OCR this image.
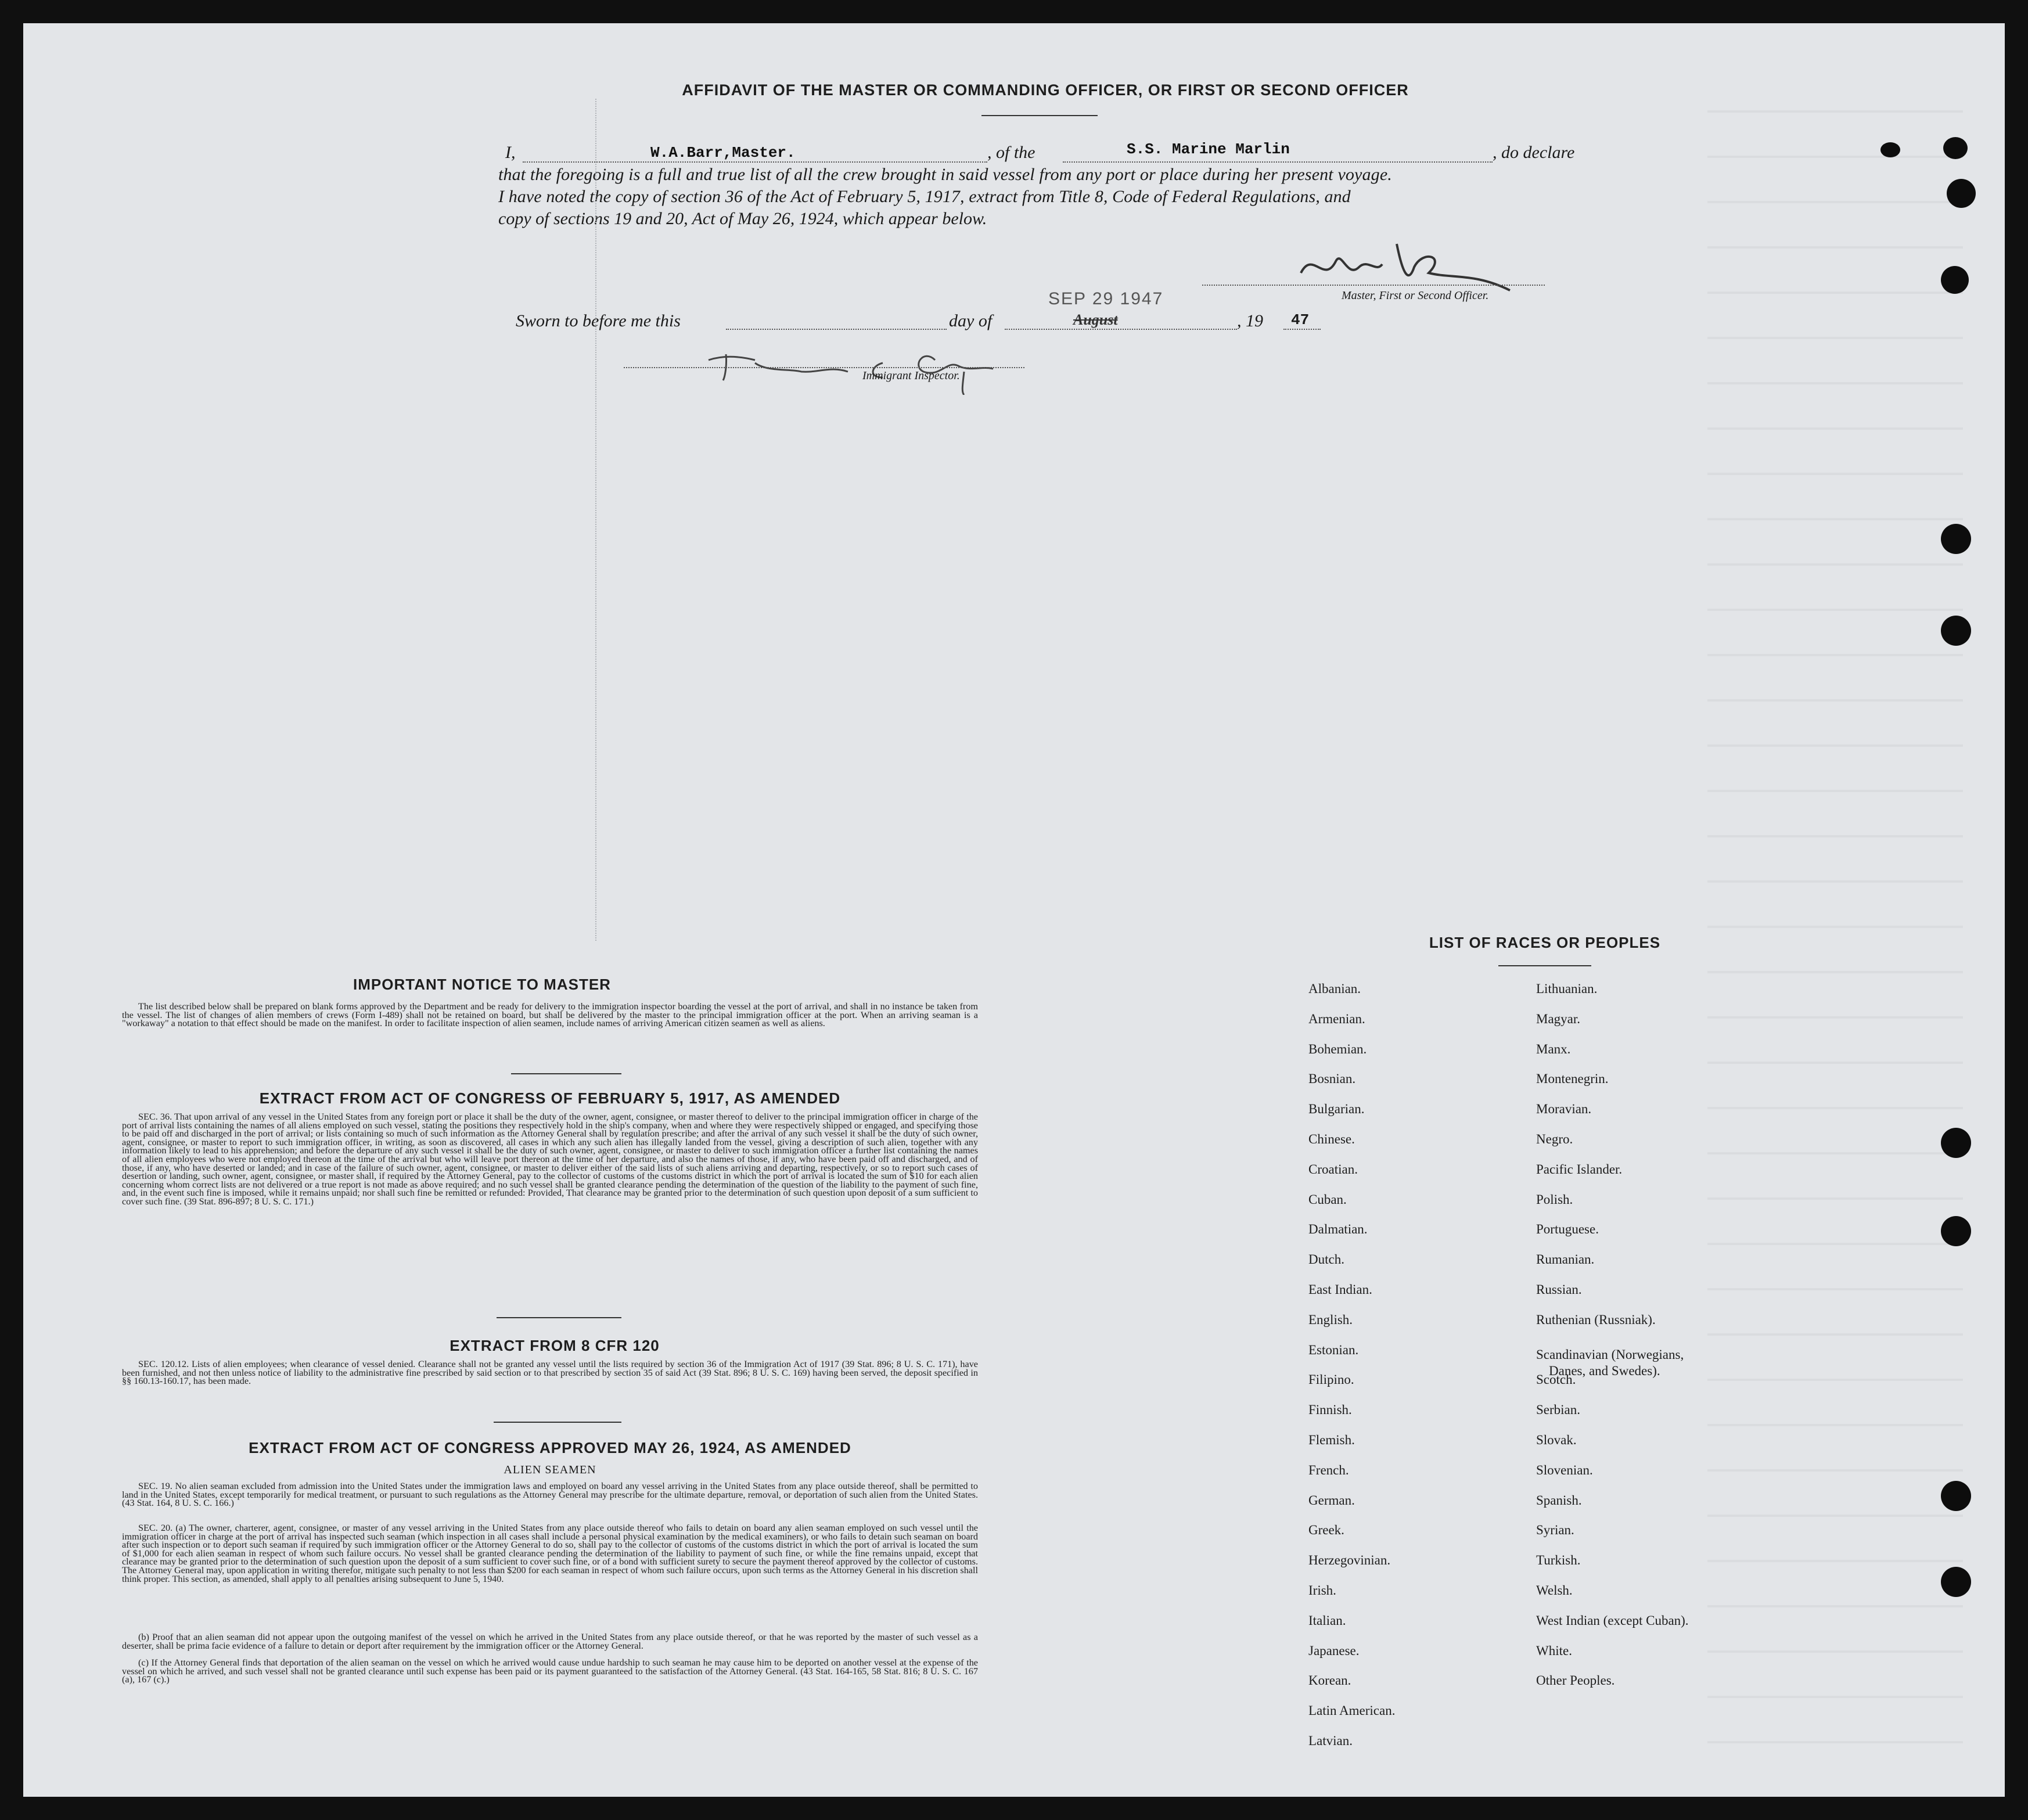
AFFIDAVIT OF THE MASTER OR COMMANDING OFFICER, OR FIRST OR SECOND OFFICER
I,	W.A.Barr,Master.	, of the	S.S. Marine Marlin	, do declare
that the foregoing is a full and true list of all the crew brought in said vessel from any port or place during her present voyage.
I have noted the copy of section 36 of the Act of February 5, 1917, extract from Title 8, Code of Federal Regulations, and
copy of sections 19 and 20, Act of May 26, 1924, which appear below.
Master, First or Second Officer.
Sworn to before me this	day of
SEP 29 1947
August	, 19 47
Immigrant Inspector.
IMPORTANT NOTICE TO MASTER

The list described below shall be prepared on blank forms approved by the Department and be ready for delivery to the immigration inspector boarding the vessel at the port of arrival, and shall in no instance be taken from the vessel. The list of changes of alien members of crews (Form I-489) shall not be retained on board, but shall be delivered by the master to the principal immigration officer at the port. When an arriving seaman is a "workaway" a notation to that effect should be made on the manifest. In order to facilitate inspection of alien seamen, include names of arriving American citizen seamen as well as aliens.

EXTRACT FROM ACT OF CONGRESS OF FEBRUARY 5, 1917, AS AMENDED

SEC. 36. That upon arrival of any vessel in the United States from any foreign port or place it shall be the duty of the owner, agent, consignee, or master thereof to deliver to the principal immigration officer in charge of the port of arrival lists containing the names of all aliens employed on such vessel, stating the positions they respectively hold in the ship's company, when and where they were respectively shipped or engaged, and specifying those to be paid off and discharged in the port of arrival; or lists containing so much of such information as the Attorney General shall by regulation prescribe; and after the arrival of any such vessel it shall be the duty of such owner, agent, consignee, or master to report to such immigration officer, in writing, as soon as discovered, all cases in which any such alien has illegally landed from the vessel, giving a description of such alien, together with any information likely to lead to his apprehension; and before the departure of any such vessel it shall be the duty of such owner, agent, consignee, or master to deliver to such immigration officer a further list containing the names of all alien employees who were not employed thereon at the time of the arrival but who will leave port thereon at the time of her departure, and also the names of those, if any, who have been paid off and discharged, and of those, if any, who have deserted or landed; and in case of the failure of such owner, agent, consignee, or master to deliver either of the said lists of such aliens arriving and departing, respectively, or so to report such cases of desertion or landing, such owner, agent, consignee, or master shall, if required by the Attorney General, pay to the collector of customs of the customs district in which the port of arrival is located the sum of $10 for each alien concerning whom correct lists are not delivered or a true report is not made as above required; and no such vessel shall be granted clearance pending the determination of the question of the liability to the payment of such fine, and, in the event such fine is imposed, while it remains unpaid; nor shall such fine be remitted or refunded: Provided, That clearance may be granted prior to the determination of such question upon deposit of a sum sufficient to cover such fine. (39 Stat. 896-897; 8 U. S. C. 171.)

EXTRACT FROM 8 CFR 120

SEC. 120.12. Lists of alien employees; when clearance of vessel denied. Clearance shall not be granted any vessel until the lists required by section 36 of the Immigration Act of 1917 (39 Stat. 896; 8 U. S. C. 171), have been furnished, and not then unless notice of liability to the administrative fine prescribed by said section or to that prescribed by section 35 of said Act (39 Stat. 896; 8 U. S. C. 169) having been served, the deposit specified in §§ 160.13-160.17, has been made.

EXTRACT FROM ACT OF CONGRESS APPROVED MAY 26, 1924, AS AMENDED
ALIEN SEAMEN

SEC. 19. No alien seaman excluded from admission into the United States under the immigration laws and employed on board any vessel arriving in the United States from any place outside thereof, shall be permitted to land in the United States, except temporarily for medical treatment, or pursuant to such regulations as the Attorney General may prescribe for the ultimate departure, removal, or deportation of such alien from the United States. (43 Stat. 164, 8 U. S. C. 166.)

SEC. 20. (a) The owner, charterer, agent, consignee, or master of any vessel arriving in the United States from any place outside thereof who fails to detain on board any alien seaman employed on such vessel until the immigration officer in charge at the port of arrival has inspected such seaman (which inspection in all cases shall include a personal physical examination by the medical examiners), or who fails to detain such seaman on board after such inspection or to deport such seaman if required by such immigration officer or the Attorney General to do so, shall pay to the collector of customs of the customs district in which the port of arrival is located the sum of $1,000 for each alien seaman in respect of whom such failure occurs. No vessel shall be granted clearance pending the determination of the liability to payment of such fine, or while the fine remains unpaid, except that clearance may be granted prior to the determination of such question upon the deposit of a sum sufficient to cover such fine, or of a bond with sufficient surety to secure the payment thereof approved by the collector of customs. The Attorney General may, upon application in writing therefor, mitigate such penalty to not less than $200 for each seaman in respect of whom such failure occurs, upon such terms as the Attorney General in his discretion shall think proper. This section, as amended, shall apply to all penalties arising subsequent to June 5, 1940.

(b) Proof that an alien seaman did not appear upon the outgoing manifest of the vessel on which he arrived in the United States from any place outside thereof, or that he was reported by the master of such vessel as a deserter, shall be prima facie evidence of a failure to detain or deport after requirement by the immigration officer or the Attorney General.

(c) If the Attorney General finds that deportation of the alien seaman on the vessel on which he arrived would cause undue hardship to such seaman he may cause him to be deported on another vessel at the expense of the vessel on which he arrived, and such vessel shall not be granted clearance until such expense has been paid or its payment guaranteed to the satisfaction of the Attorney General. (43 Stat. 164-165, 58 Stat. 816; 8 U. S. C. 167 (a), 167 (c).)

LIST OF RACES OR PEOPLES
Albanian.
Armenian.
Bohemian.
Bosnian.
Bulgarian.
Chinese.
Croatian.
Cuban.
Dalmatian.
Dutch.
East Indian.
English.
Estonian.
Filipino.
Finnish.
Flemish.
French.
German.
Greek.
Herzegovinian.
Irish.
Italian.
Japanese.
Korean.
Latin American.
Latvian.
Lithuanian.
Magyar.
Manx.
Montenegrin.
Moravian.
Negro.
Pacific Islander.
Polish.
Portuguese.
Rumanian.
Russian.
Ruthenian (Russniak).
Scandinavian (Norwegians,
Danes, and Swedes).
Scotch.
Serbian.
Slovak.
Slovenian.
Spanish.
Syrian.
Turkish.
Welsh.
West Indian (except Cuban).
White.
Other Peoples.
